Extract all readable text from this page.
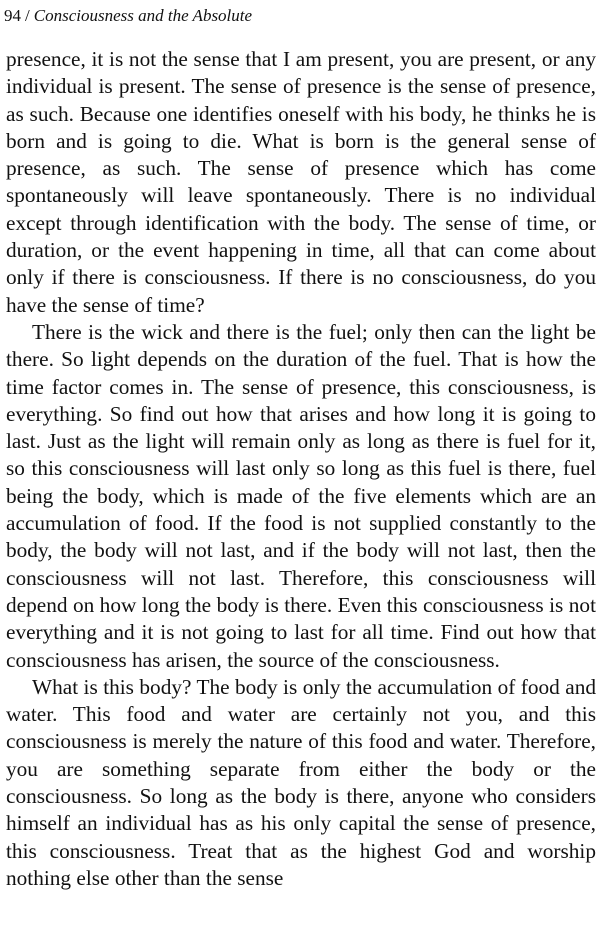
94 / Consciousness and the Absolute

presence, it is not the sense that I am present, you are present, or any individual is present. The sense of presence is the sense of presence, as such. Because one identifies oneself with his body, he thinks he is born and is going to die. What is born is the general sense of presence, as such. The sense of presence which has come spontaneously will leave spontaneously. There is no individual except through identification with the body. The sense of time, or duration, or the event happening in time, all that can come about only if there is consciousness. If there is no consciousness, do you have the sense of time?

There is the wick and there is the fuel; only then can the light be there. So light depends on the duration of the fuel. That is how the time factor comes in. The sense of presence, this consciousness, is everything. So find out how that arises and how long it is going to last. Just as the light will remain only as long as there is fuel for it, so this consciousness will last only so long as this fuel is there, fuel being the body, which is made of the five elements which are an accumulation of food. If the food is not supplied constantly to the body, the body will not last, and if the body will not last, then the consciousness will not last. Therefore, this consciousness will depend on how long the body is there. Even this consciousness is not everything and it is not going to last for all time. Find out how that consciousness has arisen, the source of the consciousness.

What is this body? The body is only the accumulation of food and water. This food and water are certainly not you, and this consciousness is merely the nature of this food and water. Therefore, you are something separate from either the body or the consciousness. So long as the body is there, anyone who considers himself an individual has as his only capital the sense of presence, this consciousness. Treat that as the highest God and worship nothing else other than the sense
